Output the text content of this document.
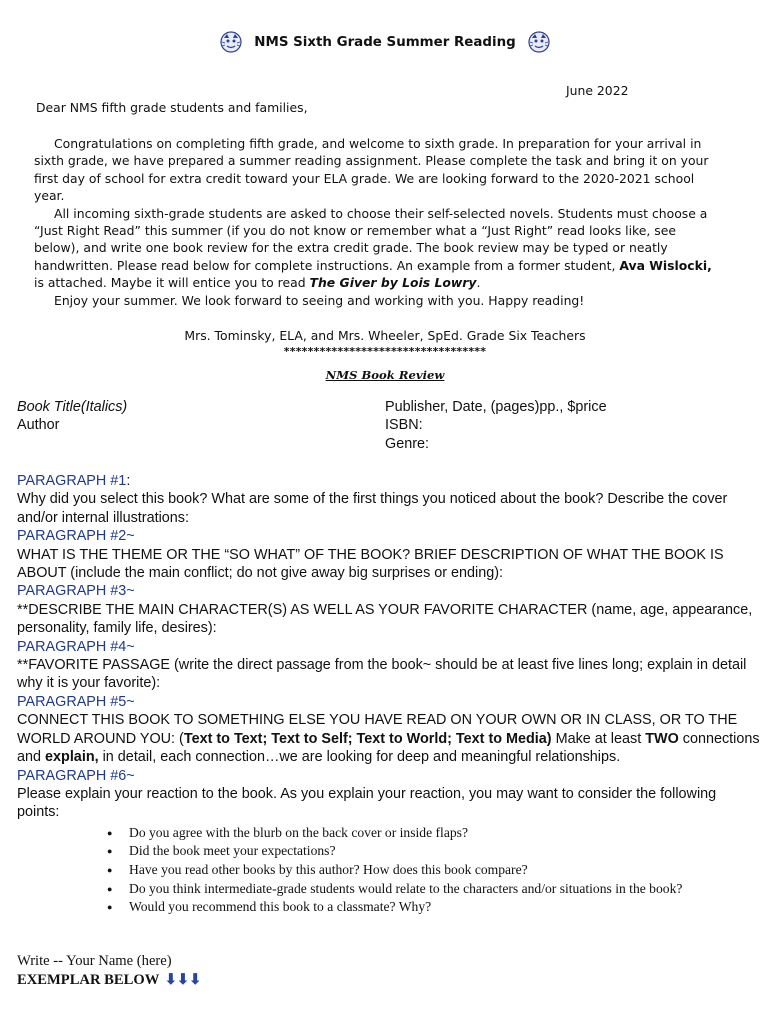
NMS Sixth Grade Summer Reading
June 2022
Dear NMS fifth grade students and families,

Congratulations on completing fifth grade, and welcome to sixth grade. In preparation for your arrival in sixth grade, we have prepared a summer reading assignment. Please complete the task and bring it on your first day of school for extra credit toward your ELA grade. We are looking forward to the 2020-2021 school year.

All incoming sixth-grade students are asked to choose their self-selected novels. Students must choose a “Just Right Read” this summer (if you do not know or remember what a “Just Right” read looks like, see below), and write one book review for the extra credit grade. The book review may be typed or neatly handwritten. Please read below for complete instructions. An example from a former student, Ava Wislocki, is attached. Maybe it will entice you to read The Giver by Lois Lowry.

Enjoy your summer. We look forward to seeing and working with you. Happy reading!

Mrs. Tominsky, ELA, and Mrs. Wheeler, SpEd. Grade Six Teachers
**********************************
NMS Book Review
Book Title(Italics)
Author
Publisher, Date, (pages)pp., $price
ISBN:
Genre:
PARAGRAPH #1:
Why did you select this book? What are some of the first things you noticed about the book? Describe the cover and/or internal illustrations:
PARAGRAPH #2~
WHAT IS THE THEME OR THE “SO WHAT” OF THE BOOK? BRIEF DESCRIPTION OF WHAT THE BOOK IS ABOUT (include the main conflict; do not give away big surprises or ending):
PARAGRAPH #3~
**DESCRIBE THE MAIN CHARACTER(S) AS WELL AS YOUR FAVORITE CHARACTER (name, age, appearance, personality, family life, desires):
PARAGRAPH #4~
**FAVORITE PASSAGE (write the direct passage from the book~ should be at least five lines long; explain in detail why it is your favorite):
PARAGRAPH #5~
CONNECT THIS BOOK TO SOMETHING ELSE YOU HAVE READ ON YOUR OWN OR IN CLASS, OR TO THE WORLD AROUND YOU: (Text to Text; Text to Self; Text to World; Text to Media) Make at least TWO connections and explain, in detail, each connection…we are looking for deep and meaningful relationships.
PARAGRAPH #6~
Please explain your reaction to the book. As you explain your reaction, you may want to consider the following points:
● Do you agree with the blurb on the back cover or inside flaps?
● Did the book meet your expectations?
● Have you read other books by this author? How does this book compare?
● Do you think intermediate-grade students would relate to the characters and/or situations in the book?
● Would you recommend this book to a classmate? Why?
Write -- Your Name (here)
EXEMPLAR BELOW ⬇⬇⬇
